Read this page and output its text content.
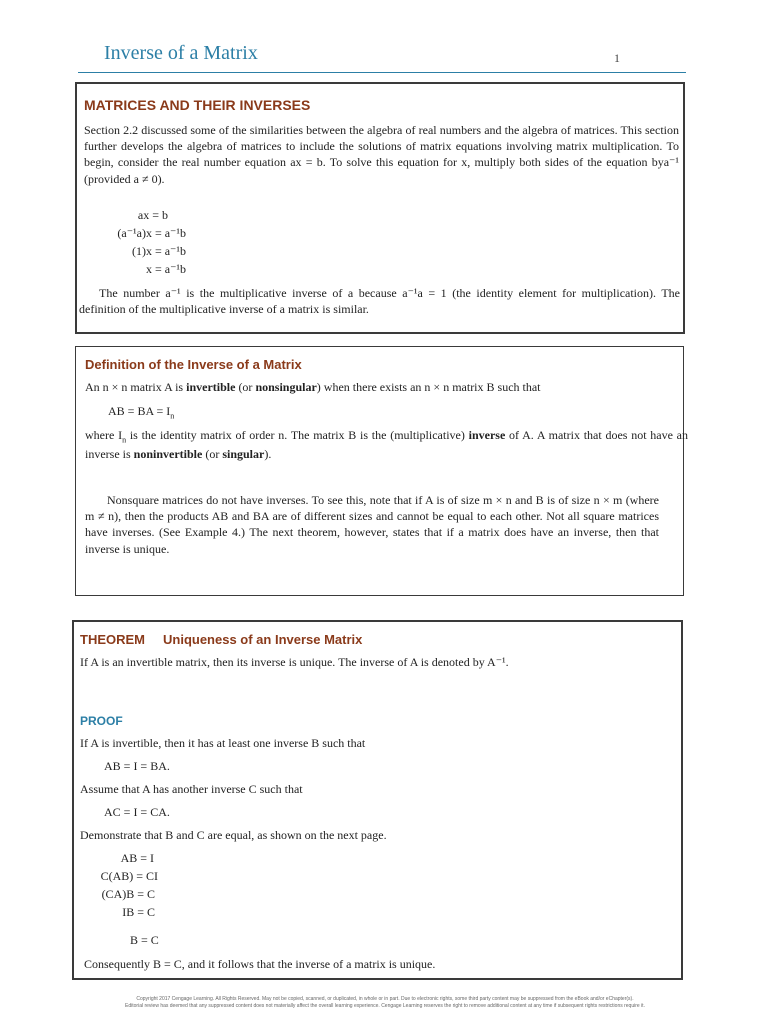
Inverse of a Matrix	1
MATRICES AND THEIR INVERSES
Section 2.2 discussed some of the similarities between the algebra of real numbers and the algebra of matrices. This section further develops the algebra of matrices to include the solutions of matrix equations involving matrix multiplication. To begin, consider the real number equation ax = b. To solve this equation for x, multiply both sides of the equation bya⁻¹ (provided a ≠ 0).
ax = b
(a⁻¹a)x = a⁻¹b
(1)x = a⁻¹b
x = a⁻¹b
The number a⁻¹ is the multiplicative inverse of a because a⁻¹a = 1 (the identity element for multiplication). The definition of the multiplicative inverse of a matrix is similar.
Definition of the Inverse of a Matrix
An n × n matrix A is invertible (or nonsingular) when there exists an n × n matrix B such that
AB = BA = $I_n$
where $I_n$ is the identity matrix of order n. The matrix B is the (multiplicative) inverse of A. A matrix that does not have an inverse is noninvertible (or singular).
Nonsquare matrices do not have inverses. To see this, note that if A is of size m × n and B is of size n × m (where m ≠ n), then the products AB and BA are of different sizes and cannot be equal to each other. Not all square matrices have inverses. (See Example 4.) The next theorem, however, states that if a matrix does have an inverse, then that inverse is unique.
THEOREM Uniqueness of an Inverse Matrix
If A is an invertible matrix, then its inverse is unique. The inverse of A is denoted by A⁻¹.
PROOF
If A is invertible, then it has at least one inverse B such that
AB = I = BA.
Assume that A has another inverse C such that
AC = I = CA.
Demonstrate that B and C are equal, as shown on the next page.
AB = I
C(AB) = CI
(CA)B = C
IB = C
B = C
Consequently B = C, and it follows that the inverse of a matrix is unique.
Copyright 2017 Cengage Learning. All Rights Reserved. May not be copied, scanned, or duplicated, in whole or in part. Due to electronic rights, some third party content may be suppressed from the eBook and/or eChapter(s).
Editorial review has deemed that any suppressed content does not materially affect the overall learning experience. Cengage Learning reserves the right to remove additional content at any time if subsequent rights restrictions require it.
